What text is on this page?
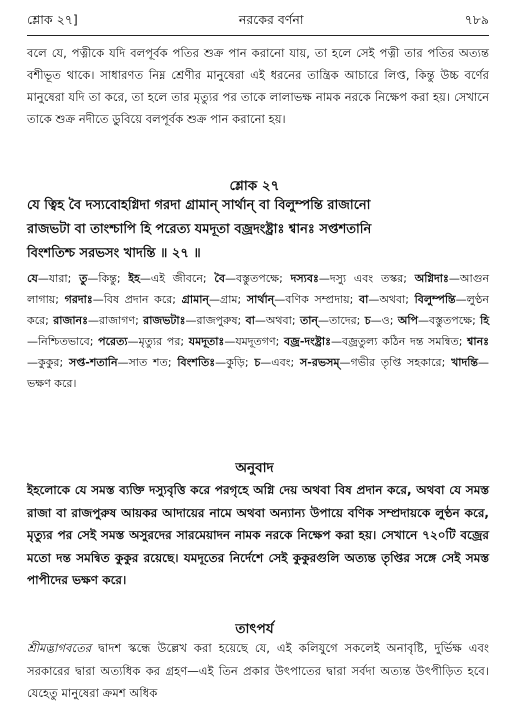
শ্লোক ২৭]	নরকের বর্ণনা	৭৮৯
বলে যে, পত্নীকে যদি বলপূর্বক পতির শুক্র পান করানো যায়, তা হলে সেই পত্নী তার পতির অত্যন্ত বশীভূত থাকে। সাধারণত নিম্ন শ্রেণীর মানুষেরা এই ধরনের তান্ত্রিক আচারে লিপ্ত, কিন্তু উচ্চ বর্ণের মানুষেরা যদি তা করে, তা হলে তার মৃত্যুর পর তাকে লালাভক্ষ নামক নরকে নিক্ষেপ করা হয়। সেখানে তাকে শুক্র নদীতে ডুবিয়ে বলপূর্বক শুক্র পান করানো হয়।
শ্লোক ২৭
যে ত্বিহ বৈ দস্যবোহগ্নিদা গরদা গ্রামান্ সার্থান্ বা বিলুম্পন্তি রাজানো
রাজভটা বা তাংশ্চাপি হি পরেত্য যমদূতা বজ্রদংষ্ট্রাঃ শ্বানঃ সপ্তশতানি
বিংশতিশ্চ সরভসং খাদন্তি ॥ ২৭ ॥
যে—যারা; তু—কিন্তু; ইহ—এই জীবনে; বৈ—বস্তুতপক্ষে; দস্যবঃ—দস্যু এবং তস্কর; অগ্নিদাঃ—আগুন লাগায়; গরদাঃ—বিষ প্রদান করে; গ্রামান্—গ্রাম; সার্থান্—বণিক সম্প্রদায়; বা—অথবা; বিলুম্পন্তি—লুণ্ঠন করে; রাজানঃ—রাজাগণ; রাজভটাঃ—রাজপুরুষ; বা—অথবা; তান্—তাদের; চ—ও; অপি—বস্তুতপক্ষে; হি—নিশ্চিতভাবে; পরেত্য—মৃত্যুর পর; যমদূতাঃ—যমদূতগণ; বজ্র-দংষ্ট্রাঃ—বজ্রতুল্য কঠিন দন্ত সমন্বিত; শ্বানঃ—কুকুর; সপ্ত-শতানি—সাত শত; বিংশতিঃ—কুড়ি; চ—এবং; স-রভসম্—গভীর তৃপ্তি সহকারে; খাদন্তি—ভক্ষণ করে।
অনুবাদ
ইহলোকে যে সমস্ত ব্যক্তি দস্যুবৃত্তি করে পরগৃহে অগ্নি দেয় অথবা বিষ প্রদান করে, অথবা যে সমস্ত রাজা বা রাজপুরুষ আয়কর আদায়ের নামে অথবা অন্যান্য উপায়ে বণিক সম্প্রদায়কে লুণ্ঠন করে, মৃত্যুর পর সেই সমস্ত অসুরদের সারমেয়াদন নামক নরকে নিক্ষেপ করা হয়। সেখানে ৭২০টি বজ্রের মতো দন্ত সমন্বিত কুকুর রয়েছে। যমদূতের নির্দেশে সেই কুকুরগুলি অত্যন্ত তৃপ্তির সঙ্গে সেই সমস্ত পাপীদের ভক্ষণ করে।
তাৎপর্য
শ্রীমদ্ভাগবতের দ্বাদশ স্কন্ধে উল্লেখ করা হয়েছে যে, এই কলিযুগে সকলেই অনাবৃষ্টি, দুর্ভিক্ষ এবং সরকারের দ্বারা অত্যধিক কর গ্রহণ—এই তিন প্রকার উৎপাতের দ্বারা সর্বদা অত্যন্ত উৎপীড়িত হবে। যেহেতু মানুষেরা ক্রমশ অধিক
